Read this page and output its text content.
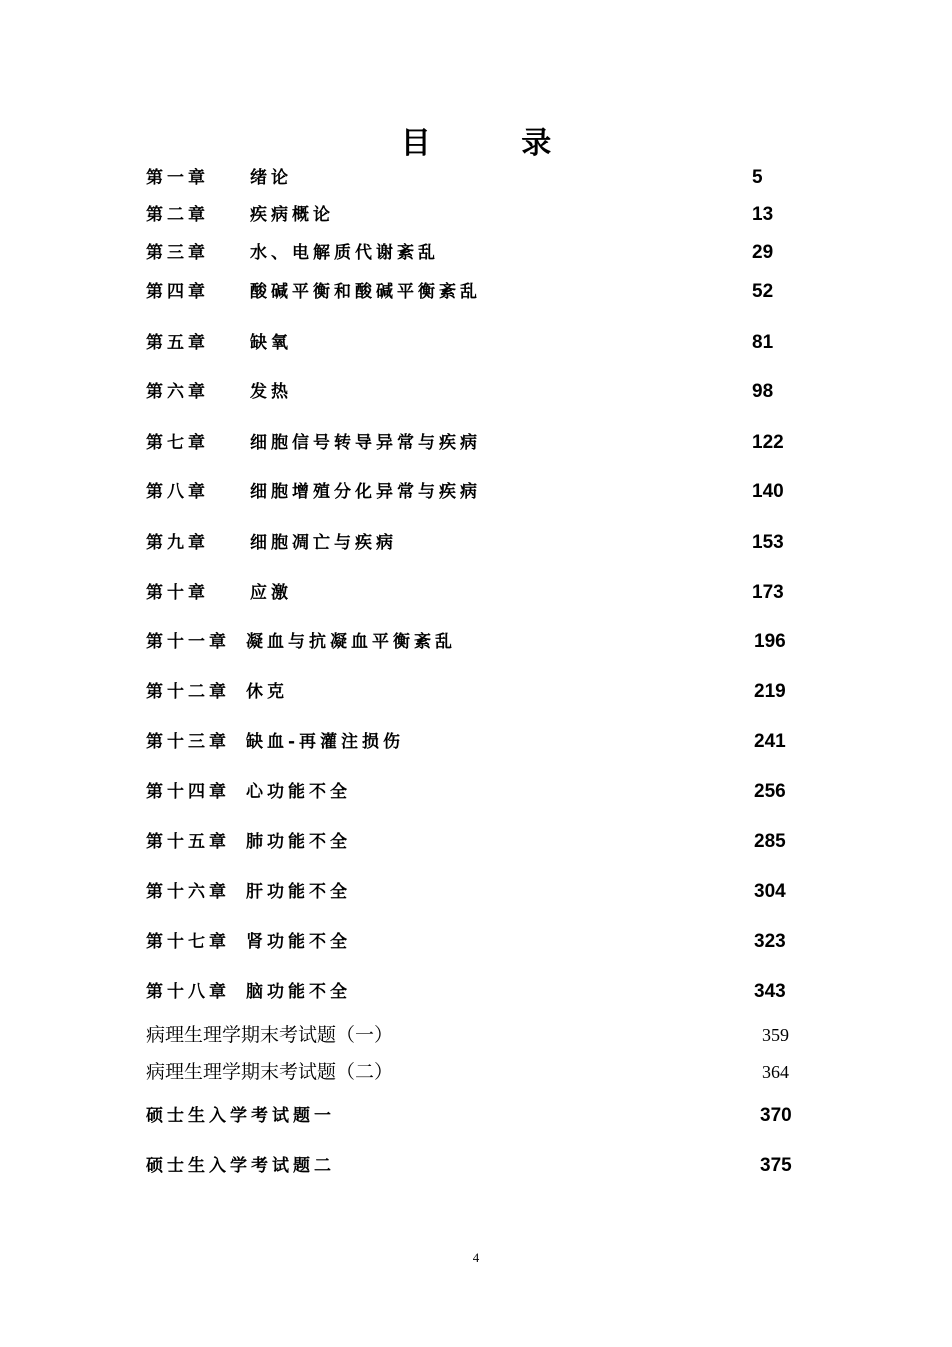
目 录
第一章 绪论	5
第二章 疾病概论	13
第三章 水、电解质代谢紊乱	29
第四章 酸碱平衡和酸碱平衡紊乱	52
第五章 缺氧	81
第六章 发热	98
第七章 细胞信号转导异常与疾病	122
第八章 细胞增殖分化异常与疾病	140
第九章 细胞凋亡与疾病	153
第十章 应激	173
第十一章 凝血与抗凝血平衡紊乱	196
第十二章 休克	219
第十三章 缺血-再灌注损伤	241
第十四章 心功能不全	256
第十五章 肺功能不全	285
第十六章 肝功能不全	304
第十七章 肾功能不全	323
第十八章 脑功能不全	343
病理生理学期末考试题（一）	359
病理生理学期末考试题（二）	364
硕士生入学考试题一	370
硕士生入学考试题二	375
4
